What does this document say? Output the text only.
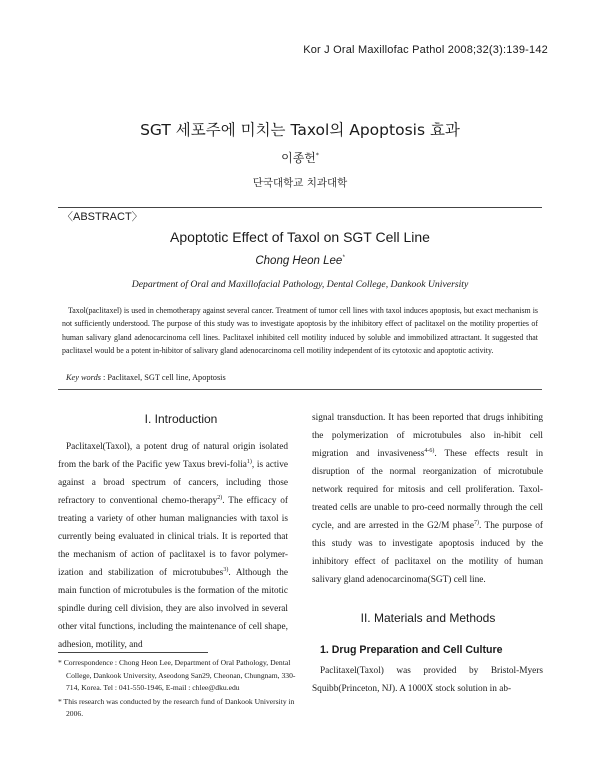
Kor J Oral Maxillofac Pathol 2008;32(3):139-142
SGT 세포주에 미치는 Taxol의 Apoptosis 효과
이종헌*
단국대학교 치과대학
〈ABSTRACT〉
Apoptotic Effect of Taxol on SGT Cell Line
Chong Heon Lee*
Department of Oral and Maxillofacial Pathology, Dental College, Dankook University

Taxol(paclitaxel) is used in chemotherapy against several cancer. Treatment of tumor cell lines with taxol induces apoptosis, but exact mechanism is not sufficiently understood. The purpose of this study was to investigate apoptosis by the inhibitory effect of paclitaxel on the motility properties of human salivary gland adenocarcinoma cell lines. Paclitaxel inhibited cell motility induced by soluble and immobilized attractant. It suggested that paclitaxel would be a potent in-hibitor of salivary gland adenocarcinoma cell motility independent of its cytotoxic and apoptotic activity.

Key words : Paclitaxel, SGT cell line, Apoptosis
I. Introduction

Paclitaxel(Taxol), a potent drug of natural origin isolated from the bark of the Pacific yew Taxus brevi-folia$^{1)}$, is active against a broad spectrum of cancers, including those refractory to conventional chemo-therapy$^{2)}$. The efficacy of treating a variety of other human malignancies with taxol is currently being evaluated in clinical trials. It is reported that the mechanism of action of paclitaxel is to favor polymer-ization and stabilization of microtububes$^{3)}$. Although the main function of microtubules is the formation of the mitotic spindle during cell division, they are also involved in several other vital functions, including the maintenance of cell shape, adhesion, motility, and

signal transduction. It has been reported that drugs inhibiting the polymerization of microtubules also in-hibit cell migration and invasiveness$^{4-6)}$. These effects result in disruption of the normal reorganization of microtubule network required for mitosis and cell proliferation. Taxol-treated cells are unable to pro-ceed normally through the cell cycle, and are arrested in the G2/M phase$^{7)}$. The purpose of this study was to investigate apoptosis induced by the inhibitory effect of paclitaxel on the motility of human salivary gland adenocarcinoma(SGT) cell line.

II. Materials and Methods
1. Drug Preparation and Cell Culture

Paclitaxel(Taxol) was provided by Bristol-Myers Squibb(Princeton, NJ). A 1000X stock solution in ab-

* Correspondence : Chong Heon Lee, Department of Oral Pathology, Dental College, Dankook University, Aseodong San29, Cheonan, Chungnam, 330-714, Korea. Tel : 041-550-1946, E-mail : chlee@dku.edu

* This research was conducted by the research fund of Dankook University in 2006.
